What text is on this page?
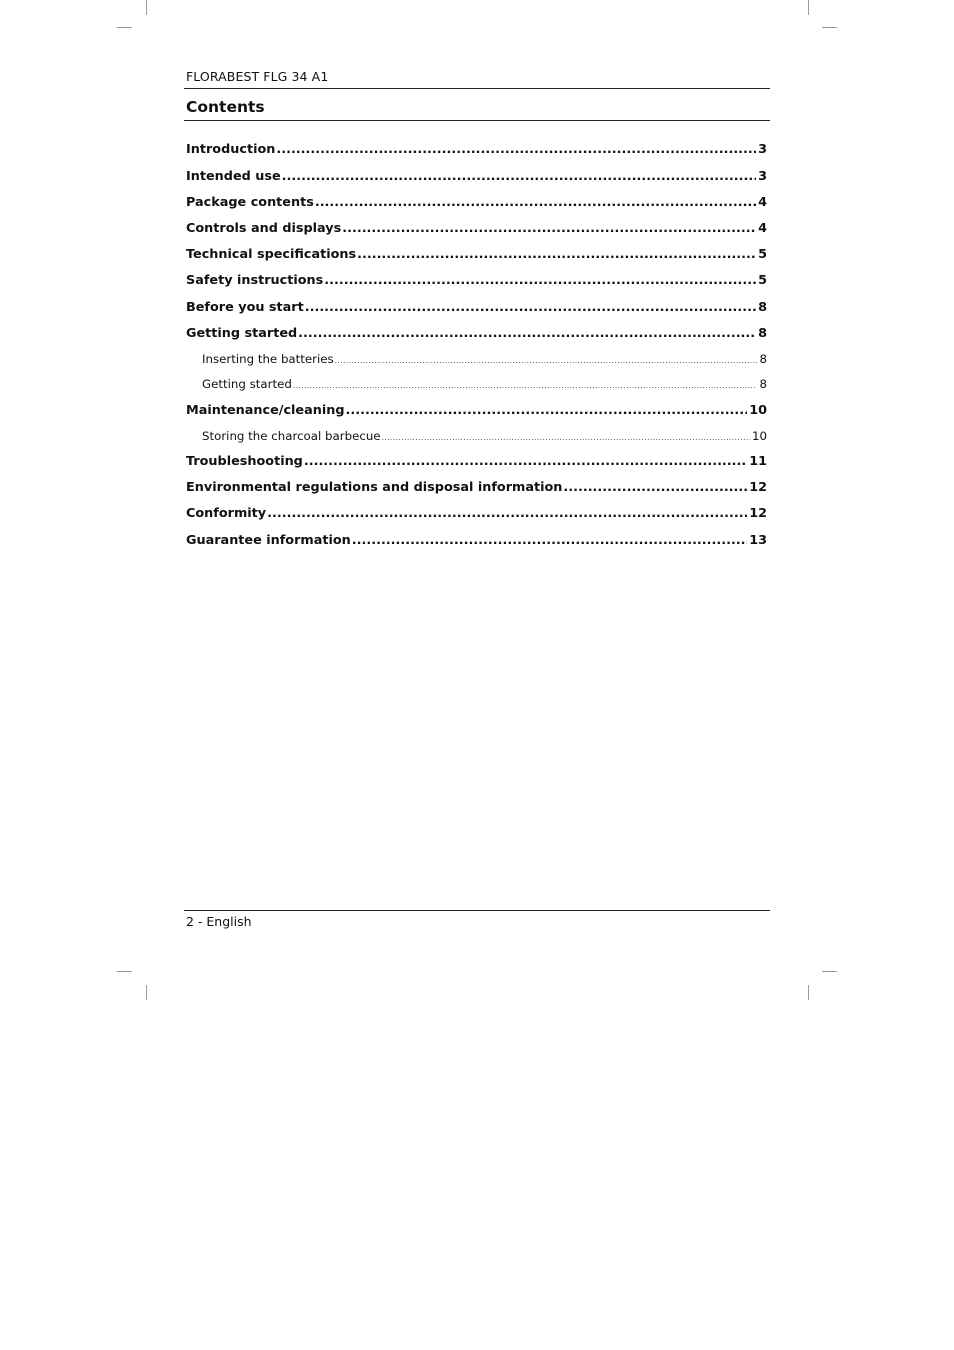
FLORABEST FLG 34 A1
Contents
Introduction .....	3
Intended use .....	3
Package contents .....	4
Controls and displays .....	4
Technical specifications .....	5
Safety instructions .....	5
Before you start .....	8
Getting started .....	8
Inserting the batteries .....	8
Getting started .....	8
Maintenance/cleaning .....	10
Storing the charcoal barbecue .....	10
Troubleshooting .....	11
Environmental regulations and disposal information .....	12
Conformity .....	12
Guarantee information .....	13
2 - English
